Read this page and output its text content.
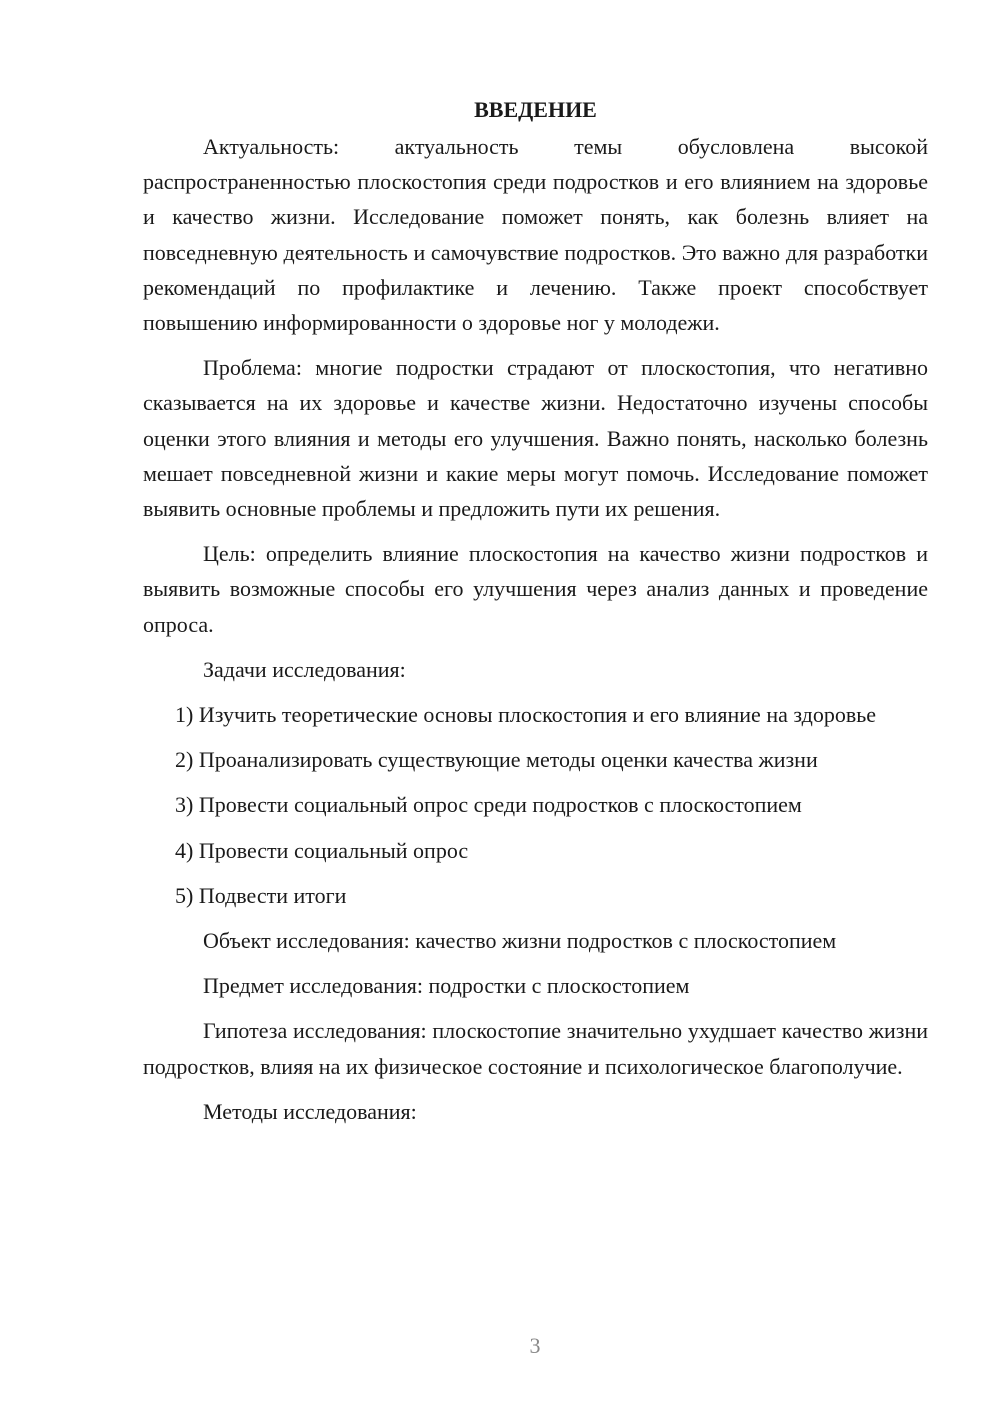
ВВЕДЕНИЕ

Актуальность: актуальность темы обусловлена высокой распространенностью плоскостопия среди подростков и его влиянием на здоровье и качество жизни. Исследование поможет понять, как болезнь влияет на повседневную деятельность и самочувствие подростков. Это важно для разработки рекомендаций по профилактике и лечению. Также проект способствует повышению информированности о здоровье ног у молодежи.

Проблема: многие подростки страдают от плоскостопия, что негативно сказывается на их здоровье и качестве жизни. Недостаточно изучены способы оценки этого влияния и методы его улучшения. Важно понять, насколько болезнь мешает повседневной жизни и какие меры могут помочь. Исследование поможет выявить основные проблемы и предложить пути их решения.

Цель: определить влияние плоскостопия на качество жизни подростков и выявить возможные способы его улучшения через анализ данных и проведение опроса.

Задачи исследования:

1) Изучить теоретические основы плоскостопия и его влияние на здоровье

2) Проанализировать существующие методы оценки качества жизни

3) Провести социальный опрос среди подростков с плоскостопием

4) Провести социальный опрос

5) Подвести итоги

Объект исследования: качество жизни подростков с плоскостопием

Предмет исследования: подростки с плоскостопием

Гипотеза исследования: плоскостопие значительно ухудшает качество жизни подростков, влияя на их физическое состояние и психологическое благополучие.

Методы исследования:

3
